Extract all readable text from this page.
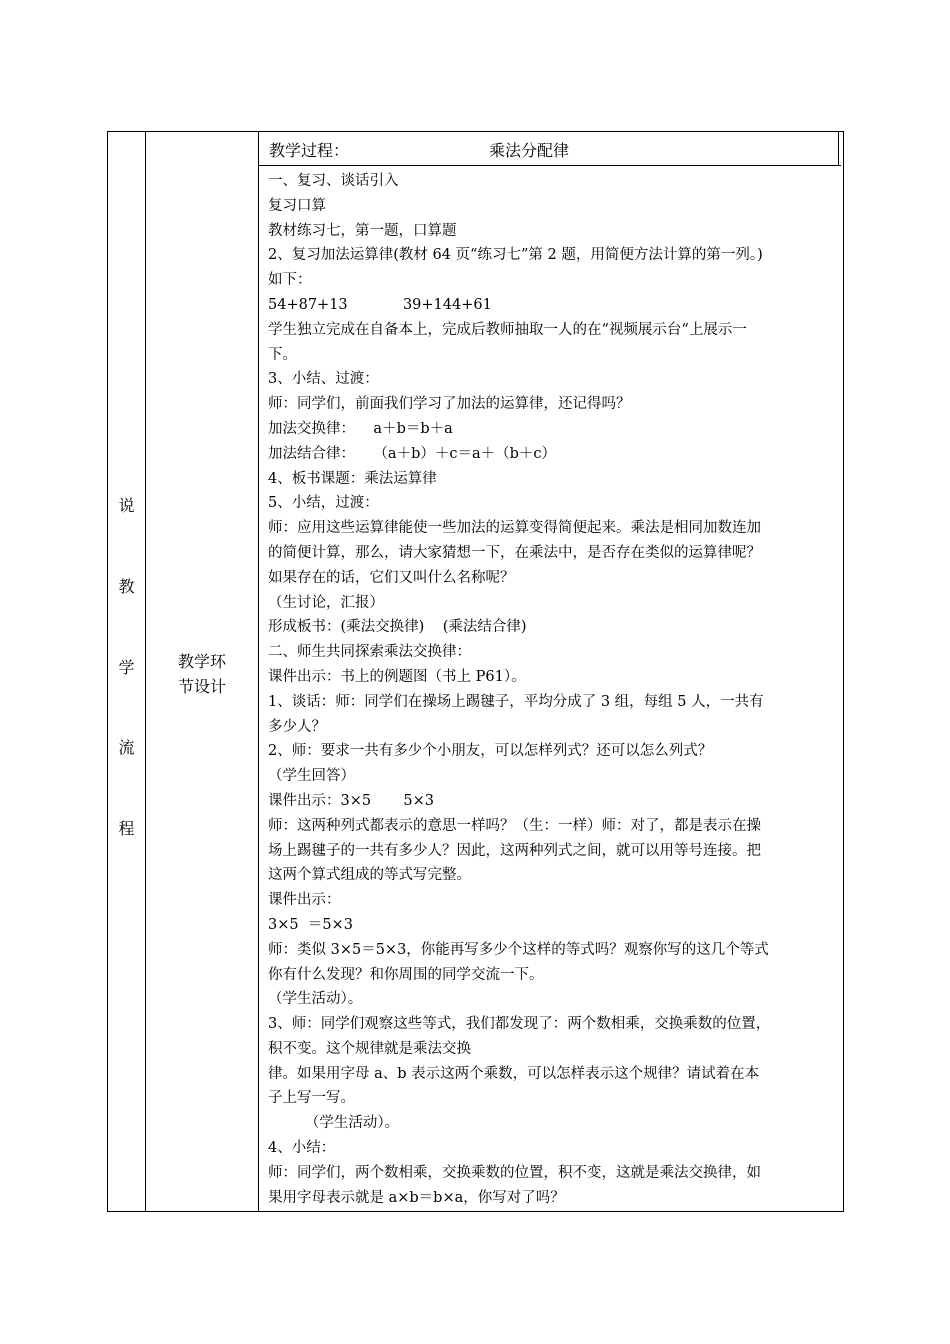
说
教
学
流
程
教学环
节设计
教学过程：	乘法分配律
一、复习、谈话引入
复习口算
教材练习七，第一题，口算题
2、复习加法运算律(教材 64 页“练习七”第 2 题，用简便方法计算的第一列。)
如下：
54+87+13            39+144+61
学生独立完成在自备本上，完成后教师抽取一人的在“视频展示台“上展示一
下。
3、小结、过渡：
师：同学们，前面我们学习了加法的运算律，还记得吗？
加法交换律：    a＋b＝b＋a
加法结合律：    （a＋b）＋c＝a＋（b＋c）
4、板书课题：乘法运算律
5、小结，过渡：
师：应用这些运算律能使一些加法的运算变得简便起来。乘法是相同加数连加
的简便计算，那么，请大家猜想一下，在乘法中，是否存在类似的运算律呢？
如果存在的话，它们又叫什么名称呢？
（生讨论，汇报）
形成板书：(乘法交换律)    (乘法结合律)
二、师生共同探索乘法交换律：
课件出示：书上的例题图（书上 P61）。
1、谈话：师：同学们在操场上踢毽子，平均分成了 3 组，每组 5 人，一共有
多少人？
2、师：要求一共有多少个小朋友，可以怎样列式？还可以怎么列式？
（学生回答）
课件出示：3×5       5×3
师：这两种列式都表示的意思一样吗？（生：一样）师：对了，都是表示在操
场上踢毽子的一共有多少人？因此，这两种列式之间，就可以用等号连接。把
这两个算式组成的等式写完整。
课件出示：
3×5  ＝5×3
师：类似 3×5＝5×3，你能再写多少个这样的等式吗？观察你写的这几个等式
你有什么发现？和你周围的同学交流一下。
（学生活动）。
3、师：同学们观察这些等式，我们都发现了：两个数相乘，交换乘数的位置，
积不变。这个规律就是乘法交换
律。如果用字母 a、b 表示这两个乘数，可以怎样表示这个规律？请试着在本
子上写一写。
（学生活动）。
4、小结：
师：同学们，两个数相乘，交换乘数的位置，积不变，这就是乘法交换律，如
果用字母表示就是 a×b＝b×a，你写对了吗？
